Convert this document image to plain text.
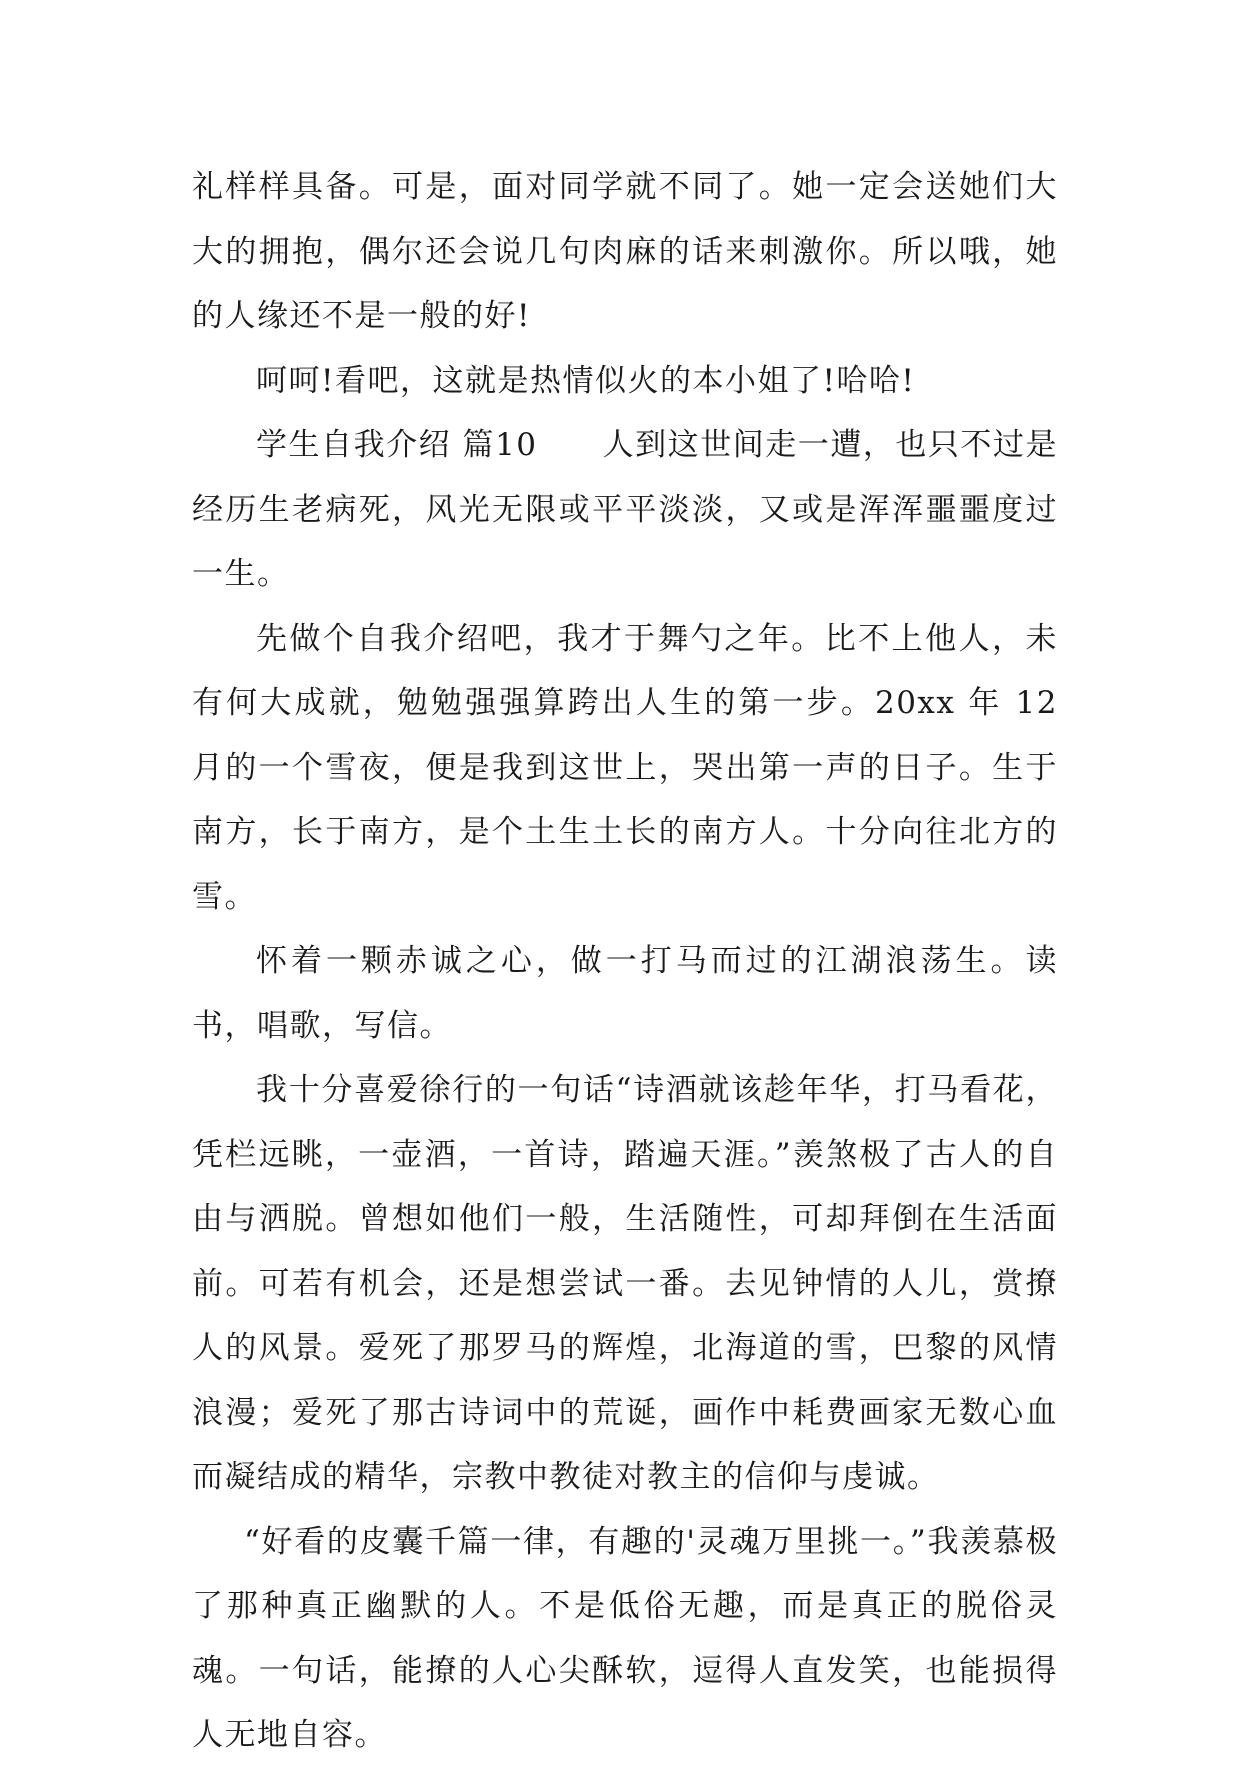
礼样样具备。可是，面对同学就不同了。她一定会送她们大大的拥抱，偶尔还会说几句肉麻的话来刺激你。所以哦，她的人缘还不是一般的好!

呵呵!看吧，这就是热情似火的本小姐了!哈哈!

学生自我介绍 篇10　　人到这世间走一遭，也只不过是经历生老病死，风光无限或平平淡淡，又或是浑浑噩噩度过一生。

先做个自我介绍吧，我才于舞勺之年。比不上他人，未有何大成就，勉勉强强算跨出人生的第一步。20xx 年 12 月的一个雪夜，便是我到这世上，哭出第一声的日子。生于南方，长于南方，是个土生土长的南方人。十分向往北方的雪。

怀着一颗赤诚之心，做一打马而过的江湖浪荡生。读书，唱歌，写信。

我十分喜爱徐行的一句话“诗酒就该趁年华，打马看花，凭栏远眺，一壶酒，一首诗，踏遍天涯。”羡煞极了古人的自由与洒脱。曾想如他们一般，生活随性，可却拜倒在生活面前。可若有机会，还是想尝试一番。去见钟情的人儿，赏撩人的风景。爱死了那罗马的辉煌，北海道的雪，巴黎的风情浪漫；爱死了那古诗词中的荒诞，画作中耗费画家无数心血而凝结成的精华，宗教中教徒对教主的信仰与虔诚。

“好看的皮囊千篇一律，有趣的'灵魂万里挑一。”我羡慕极了那种真正幽默的人。不是低俗无趣，而是真正的脱俗灵魂。一句话，能撩的人心尖酥软，逗得人直发笑，也能损得人无地自容。
